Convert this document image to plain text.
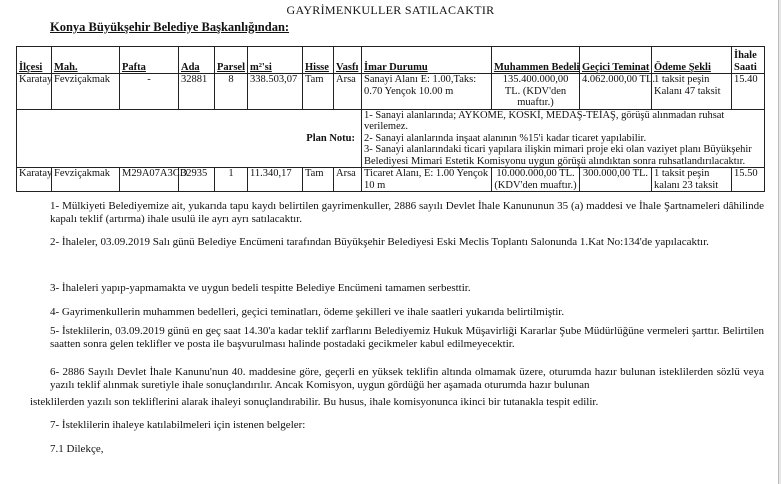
GAYRİMENKULLER SATILACAKTIR
Konya Büyükşehir Belediye Başkanlığından:
İlçesi	Mah.	Pafta	Ada	Parsel	m²'si	Hisse	Vasfı	İmar Durumu	Muhammen Bedeli	Geçici Teminat	Ödeme Şekli	İhale Saati
Karatay	Fevziçakmak	-	32881	8	338.503,07	Tam	Arsa	Sanayi Alanı E: 1.00,Taks: 0.70 Yençok 10.00 m	135.400.000,00 TL. (KDV'den muaftır.)	4.062.000,00 TL.	1 taksit peşin Kalanı 47 taksit	15.40
Plan Notu:								1- Sanayi alanlarında; AYKOME, KOSKİ, MEDAŞ-TEİAŞ, görüşü alınmadan ruhsat verilemez.
2- Sanayi alanlarında inşaat alanının %15'i kadar ticaret yapılabilir.
3- Sanayi alanlarındaki ticari yapılara ilişkin mimari proje eki olan vaziyet planı Büyükşehir Belediyesi Mimari Estetik Komisyonu uygun görüşü alındıktan sonra ruhsatlandırılacaktır.				

Karatay	Fevziçakmak	M29A07A3CD	32935	1	11.340,17	Tam	Arsa	Ticaret Alanı, E: 1.00 Yençok 10 m	10.000.000,00 TL. (KDV'den muaftır.)	300.000,00 TL.	1 taksit peşin kalanı 23 taksit	15.50
1- Mülkiyeti Belediyemize ait, yukarıda tapu kaydı belirtilen gayrimenkuller, 2886 sayılı Devlet İhale Kanununun 35 (a) maddesi ve İhale Şartnameleri dâhilinde kapalı teklif (artırma) ihale usulü ile ayrı ayrı satılacaktır.
2- İhaleler, 03.09.2019 Salı günü Belediye Encümeni tarafından Büyükşehir Belediyesi Eski Meclis Toplantı Salonunda 1.Kat No:134'de yapılacaktır.
3- İhaleleri yapıp-yapmamakta ve uygun bedeli tespitte Belediye Encümeni tamamen serbesttir.
4- Gayrimenkullerin muhammen bedelleri, geçici teminatları, ödeme şekilleri ve ihale saatleri yukarıda belirtilmiştir.
5- İsteklilerin, 03.09.2019 günü en geç saat 14.30'a kadar teklif zarflarını Belediyemiz Hukuk Müşavirliği Kararlar Şube Müdürlüğüne vermeleri şarttır. Belirtilen saatten sonra gelen teklifler ve posta ile başvurulması halinde postadaki gecikmeler kabul edilmeyecektir.
6- 2886 Sayılı Devlet İhale Kanunu'nun 40. maddesine göre, geçerli en yüksek teklifin altında olmamak üzere, oturumda hazır bulunan isteklilerden sözlü veya yazılı teklif alınmak suretiyle ihale sonuçlandırılır. Ancak Komisyon, uygun gördüğü her aşamada oturumda hazır bulunan
isteklilerden yazılı son tekliflerini alarak ihaleyi sonuçlandırabilir. Bu husus, ihale komisyonunca ikinci bir tutanakla tespit edilir.
7- İsteklilerin ihaleye katılabilmeleri için istenen belgeler:
7.1 Dilekçe,
